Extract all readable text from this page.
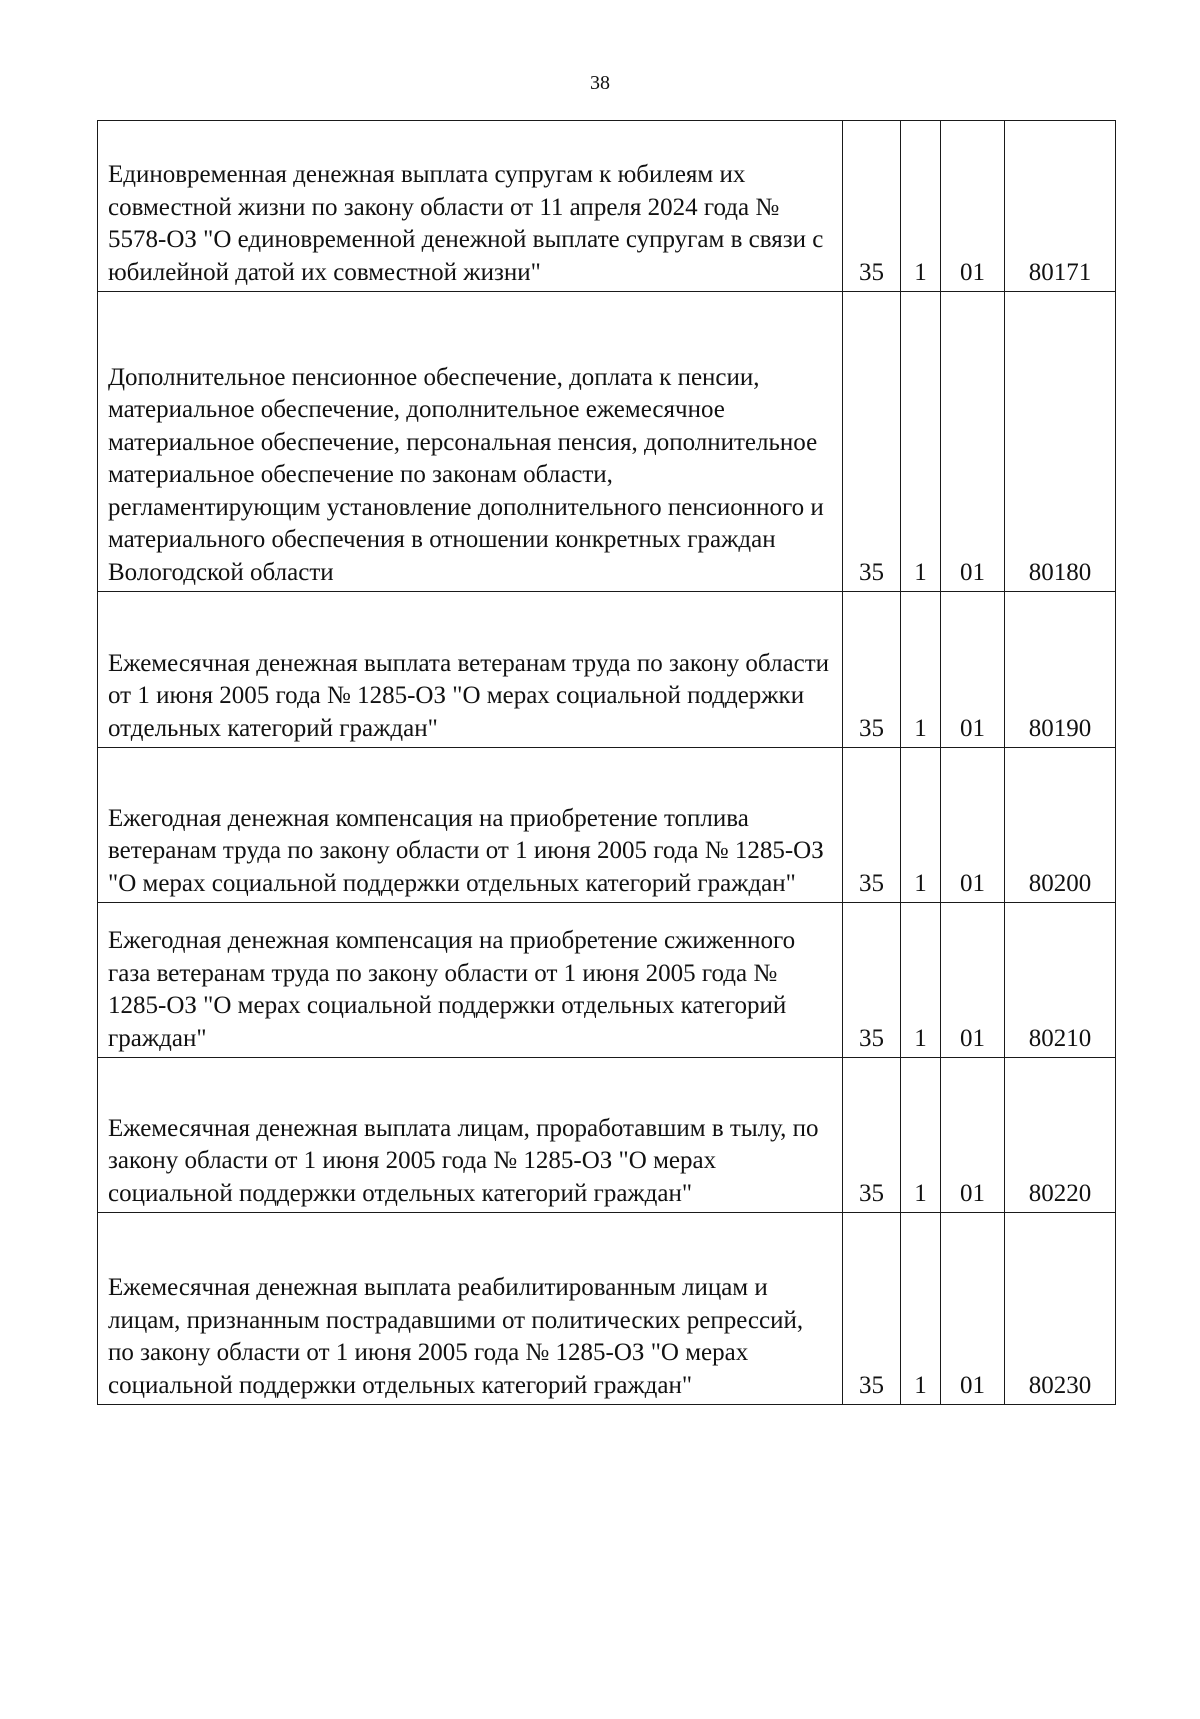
38
Единовременная денежная выплата супругам к юбилеям их совместной жизни по закону области от 11 апреля 2024 года № 5578-ОЗ "О единовременной денежной выплате супругам в связи с юбилейной датой их совместной жизни"	35	1	01	80171

Дополнительное пенсионное обеспечение, доплата к пенсии, материальное обеспечение, дополнительное ежемесячное материальное обеспечение, персональная пенсия, дополнительное материальное обеспечение по законам области, регламентирующим установление дополнительного пенсионного и материального обеспечения в отношении конкретных граждан Вологодской области	35	1	01	80180

Ежемесячная денежная выплата ветеранам труда по закону области от 1 июня 2005 года № 1285-ОЗ "О мерах социальной поддержки отдельных категорий граждан"	35	1	01	80190

Ежегодная денежная компенсация на приобретение топлива ветеранам труда по закону области от 1 июня 2005 года № 1285-ОЗ "О мерах социальной поддержки отдельных категорий граждан"	35	1	01	80200

Ежегодная денежная компенсация на приобретение сжиженного газа ветеранам труда по закону области от 1 июня 2005 года № 1285-ОЗ "О мерах социальной поддержки отдельных категорий граждан"	35	1	01	80210

Ежемесячная денежная выплата лицам, проработавшим в тылу, по закону области от 1 июня 2005 года № 1285-ОЗ "О мерах социальной поддержки отдельных категорий граждан"	35	1	01	80220

Ежемесячная денежная выплата реабилитированным лицам и лицам, признанным пострадавшими от политических репрессий, по закону области от 1 июня 2005 года № 1285-ОЗ "О мерах социальной поддержки отдельных категорий граждан"	35	1	01	80230
